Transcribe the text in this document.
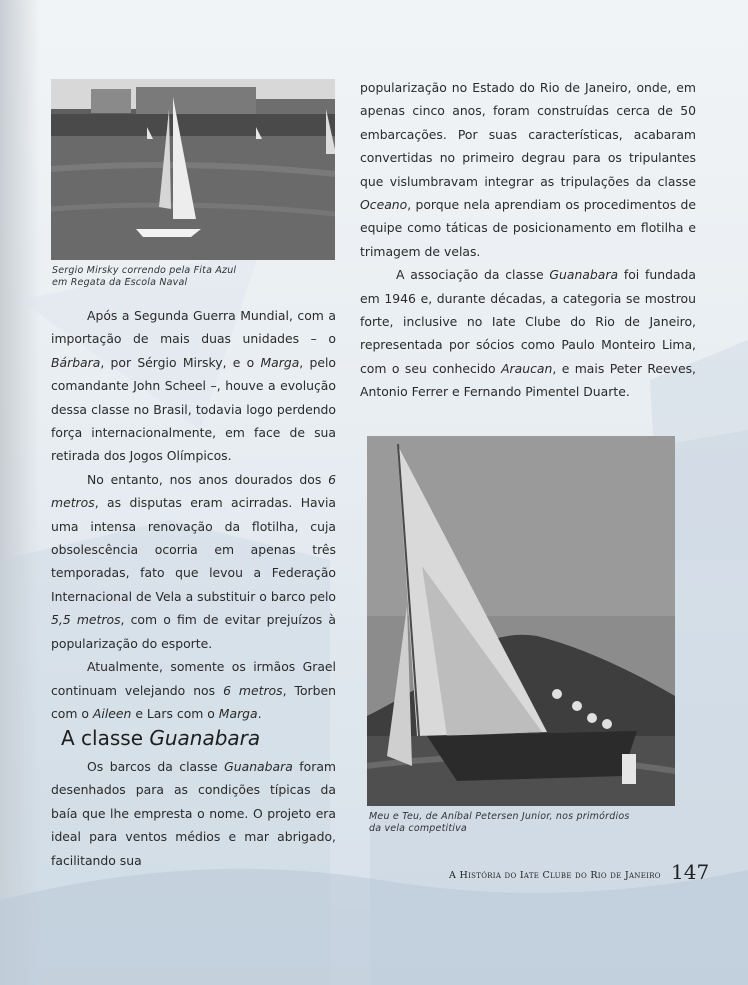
Sergio Mirsky correndo pela Fita Azul
em Regata da Escola Naval

popularização no Estado do Rio de Janeiro, onde, em apenas cinco anos, foram construídas cerca de 50 embarcações. Por suas características, acabaram convertidas no primeiro degrau para os tripulantes que vislumbravam integrar as tripulações da classe Oceano, porque nela aprendiam os procedimentos de equipe como táticas de posicionamento em flotilha e trimagem de velas.

A associação da classe Guanabara foi fundada em 1946 e, durante décadas, a categoria se mostrou forte, inclusive no Iate Clube do Rio de Janeiro, representada por sócios como Paulo Monteiro Lima, com o seu conhecido Araucan, e mais Peter Reeves, Antonio Ferrer e Fernando Pimentel Duarte.

Após a Segunda Guerra Mundial, com a importação de mais duas unidades – o Bárbara, por Sérgio Mirsky, e o Marga, pelo comandante John Scheel –, houve a evolução dessa classe no Brasil, todavia logo perdendo força internacionalmente, em face de sua retirada dos Jogos Olímpicos.

No entanto, nos anos dourados dos 6 metros, as disputas eram acirradas. Havia uma intensa renovação da flotilha, cuja obsolescência ocorria em apenas três temporadas, fato que levou a Federação Internacional de Vela a substituir o barco pelo 5,5 metros, com o fim de evitar prejuízos à popularização do esporte.

Atualmente, somente os irmãos Grael continuam velejando nos 6 metros, Torben com o Aileen e Lars com o Marga.

A classe Guanabara

Os barcos da classe Guanabara foram desenhados para as condições típicas da baía que lhe empresta o nome. O projeto era ideal para ventos médios e mar abrigado, facilitando sua

Meu e Teu, de Aníbal Petersen Junior, nos primórdios
da vela competitiva
A História do Iate Clube do Rio de Janeiro 147
